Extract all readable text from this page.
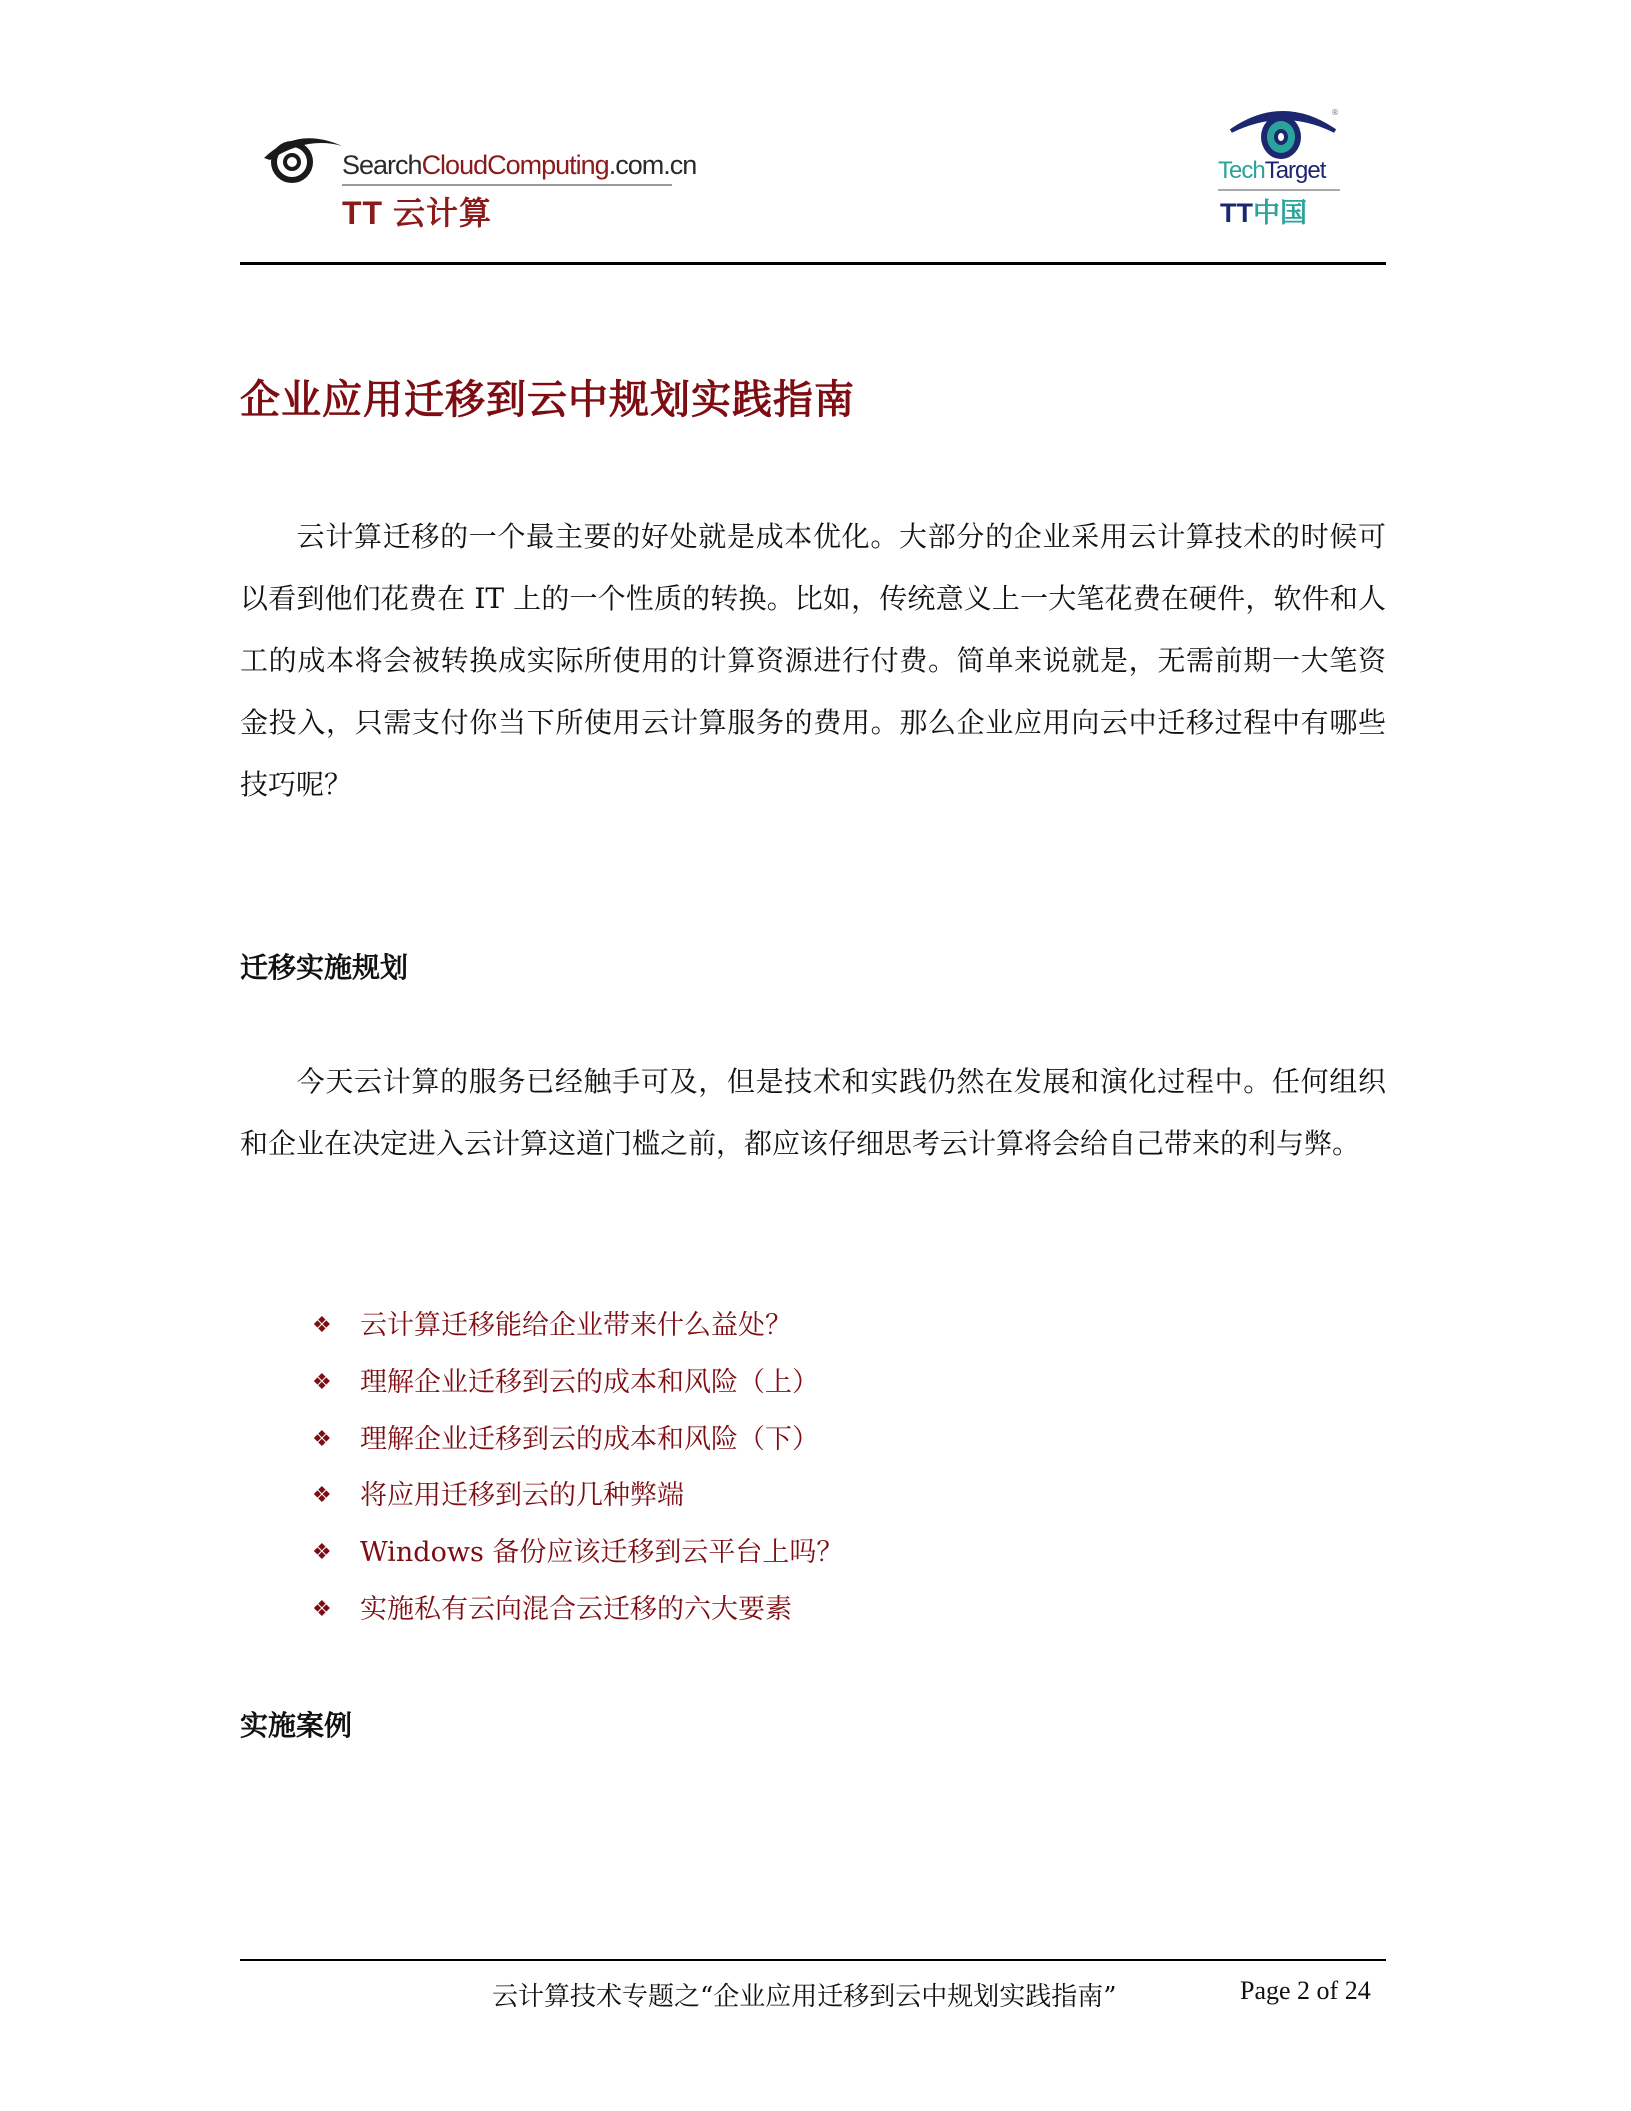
SearchCloudComputing.com.cn
TT 云计算
®
TechTarget
TT中国
企业应用迁移到云中规划实践指南

云计算迁移的一个最主要的好处就是成本优化。大部分的企业采用云计算技术的时候可以看到他们花费在 IT 上的一个性质的转换。比如，传统意义上一大笔花费在硬件，软件和人工的成本将会被转换成实际所使用的计算资源进行付费。简单来说就是，无需前期一大笔资金投入，只需支付你当下所使用云计算服务的费用。那么企业应用向云中迁移过程中有哪些技巧呢？

迁移实施规划

今天云计算的服务已经触手可及，但是技术和实践仍然在发展和演化过程中。任何组织和企业在决定进入云计算这道门槛之前，都应该仔细思考云计算将会给自己带来的利与弊。

❖ 云计算迁移能给企业带来什么益处？
❖ 理解企业迁移到云的成本和风险（上）
❖ 理解企业迁移到云的成本和风险（下）
❖ 将应用迁移到云的几种弊端
❖ Windows 备份应该迁移到云平台上吗？
❖ 实施私有云向混合云迁移的六大要素
实施案例
云计算技术专题之“企业应用迁移到云中规划实践指南”	Page 2 of 24
